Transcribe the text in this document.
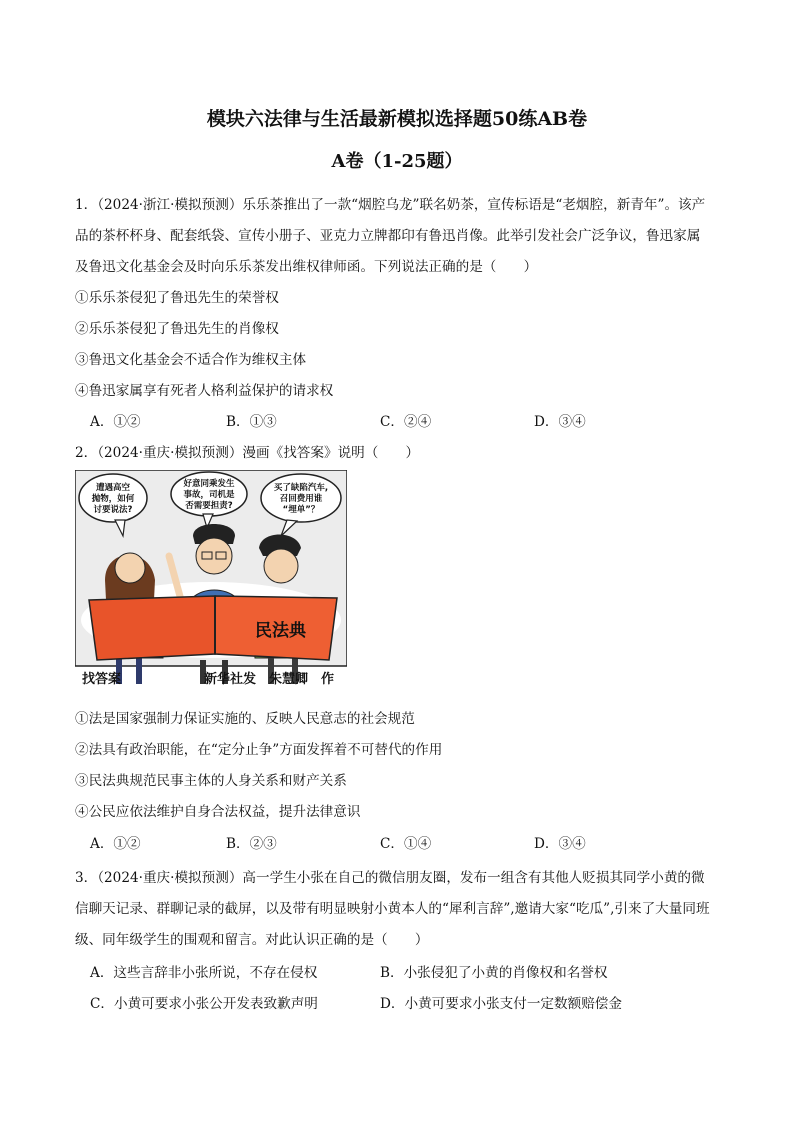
模块六法律与生活最新模拟选择题50练AB卷
A卷（1-25题）
1．（2024·浙江·模拟预测）乐乐茶推出了一款“烟腔乌龙”联名奶茶，宣传标语是“老烟腔，新青年”。该产
品的茶杯杯身、配套纸袋、宣传小册子、亚克力立牌都印有鲁迅肖像。此举引发社会广泛争议，鲁迅家属
及鲁迅文化基金会及时向乐乐茶发出维权律师函。下列说法正确的是（　　）
①乐乐茶侵犯了鲁迅先生的荣誉权
②乐乐茶侵犯了鲁迅先生的肖像权
③鲁迅文化基金会不适合作为维权主体
④鲁迅家属享有死者人格利益保护的请求权
A．①②	B．①③	C．②④	D．③④
2．（2024·重庆·模拟预测）漫画《找答案》说明（　　）
遭遇高空
抛物，如何
讨要说法?
好意同乘发生
事故，司机是
否需要担责?
买了缺陷汽车,
召回费用谁
“埋单”？
民法典
找答案	新华社发　朱慧卿　作
①法是国家强制力保证实施的、反映人民意志的社会规范
②法具有政治职能，在“定分止争”方面发挥着不可替代的作用
③民法典规范民事主体的人身关系和财产关系
④公民应依法维护自身合法权益，提升法律意识
A．①②	B．②③	C．①④	D．③④
3．（2024·重庆·模拟预测）高一学生小张在自己的微信朋友圈，发布一组含有其他人贬损其同学小黄的微
信聊天记录、群聊记录的截屏，以及带有明显映射小黄本人的“犀利言辞”,邀请大家“吃瓜”,引来了大量同班
级、同年级学生的围观和留言。对此认识正确的是（　　）
A．这些言辞非小张所说，不存在侵权	B．小张侵犯了小黄的肖像权和名誉权
C．小黄可要求小张公开发表致歉声明	D．小黄可要求小张支付一定数额赔偿金
